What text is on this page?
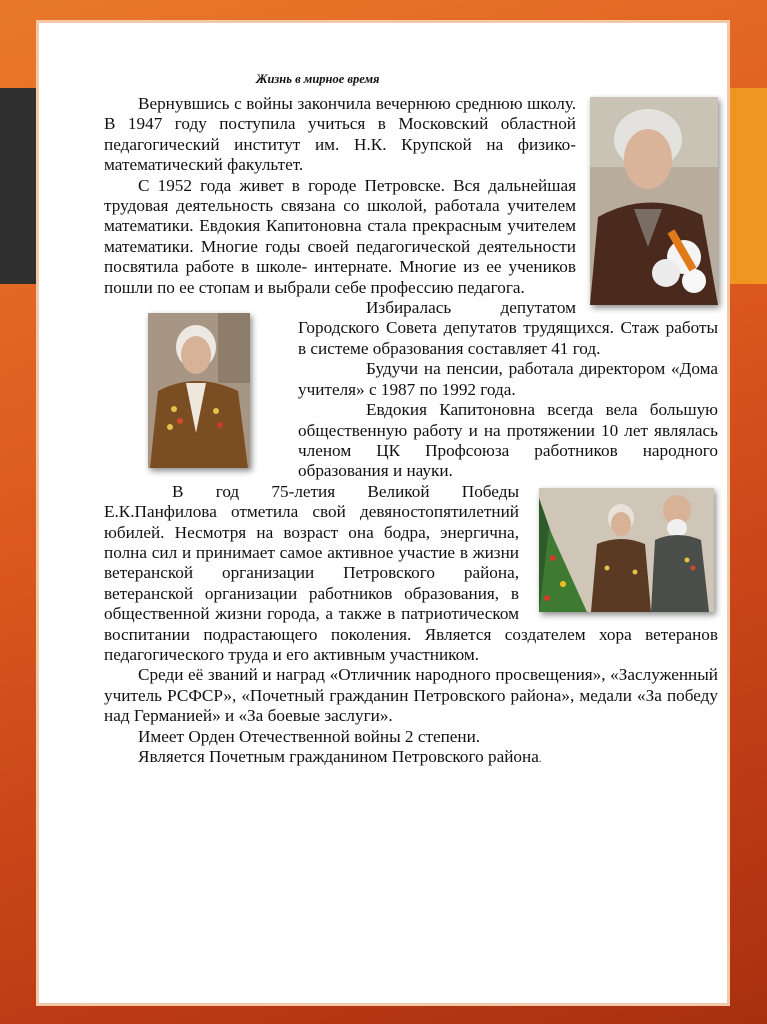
Жизнь в мирное время

Вернувшись с войны закончила вечернюю среднюю школу. В 1947 году поступила учиться в Московский областной педагогический институт им. Н.К. Крупской на физико-математический факультет.

С 1952 года живет в городе Петровске. Вся дальнейшая трудовая деятельность связана со школой, работала учителем математики. Евдокия Капитоновна стала прекрасным учителем математики. Многие годы своей педагогической деятельности посвятила работе в школе- интернате. Многие из ее учеников пошли по ее стопам и выбрали себе профессию педагога.

Избиралась депутатом Городского Совета депутатов трудящихся. Стаж работы в системе образования составляет 41 год.

Будучи на пенсии, работала директором «Дома учителя» с 1987 по 1992 года.

Евдокия Капитоновна всегда вела большую общественную работу и на протяжении 10 лет являлась членом ЦК Профсоюза работников народного образования и науки.

В год 75-летия Великой Победы Е.К.Панфилова отметила свой девяностопятилетний юбилей. Несмотря на возраст она бодра, энергична, полна сил и принимает самое активное участие в жизни ветеранской организации Петровского района, ветеранской организации работников образования, в общественной жизни города, а также в патриотическом воспитании подрастающего поколения. Является создателем хора ветеранов педагогического труда и его активным участником.

Среди её званий и наград «Отличник народного просвещения», «Заслуженный учитель РСФСР», «Почетный гражданин Петровского района», медали «За победу над Германией» и «За боевые заслуги».

Имеет Орден Отечественной войны 2 степени.

Является Почетным гражданином Петровского района.
